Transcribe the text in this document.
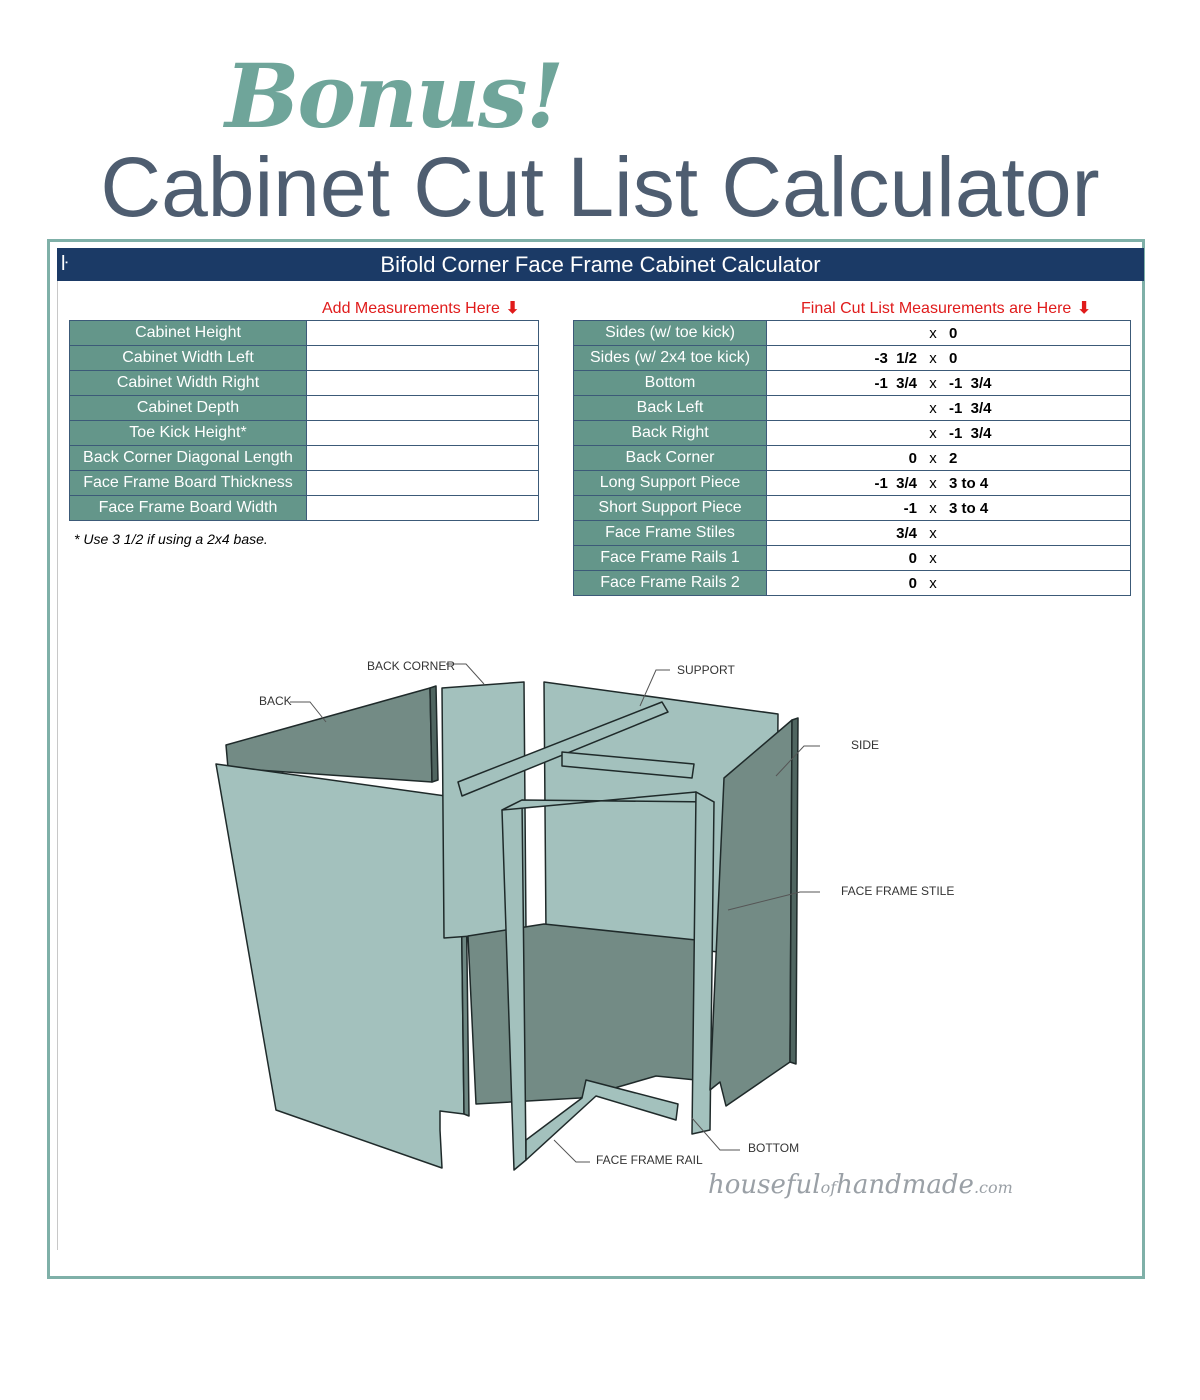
Bonus!
Cabinet Cut List Calculator
ŀ	Bifold Corner Face Frame Cabinet Calculator
Add Measurements Here ⬇	Final Cut List Measurements are Here ⬇
Cabinet Height	
Cabinet Width Left	
Cabinet Width Right	
Cabinet Depth	
Toe Kick Height*	
Back Corner Diagonal Length	
Face Frame Board Thickness	
Face Frame Board Width	
* Use 3 1/2 if using a 2x4 base.
Sides (w/ toe kick)	x 0

Sides (w/ 2x4 toe kick)	-3  1/2 x 0

Bottom	-1  3/4 x -1  3/4

Back Left	x -1  3/4

Back Right	x -1  3/4

Back Corner	0 x 2

Long Support Piece	-1  3/4 x 3 to 4

Short Support Piece	-1 x 3 to 4

Face Frame Stiles	3/4 x

Face Frame Rails 1	0 x

Face Frame Rails 2	0 x
BACK CORNER	SUPPORT
BACK
SIDE
FACE FRAME STILE
BOTTOM
FACE FRAME RAIL
housefulofhandmade.com
